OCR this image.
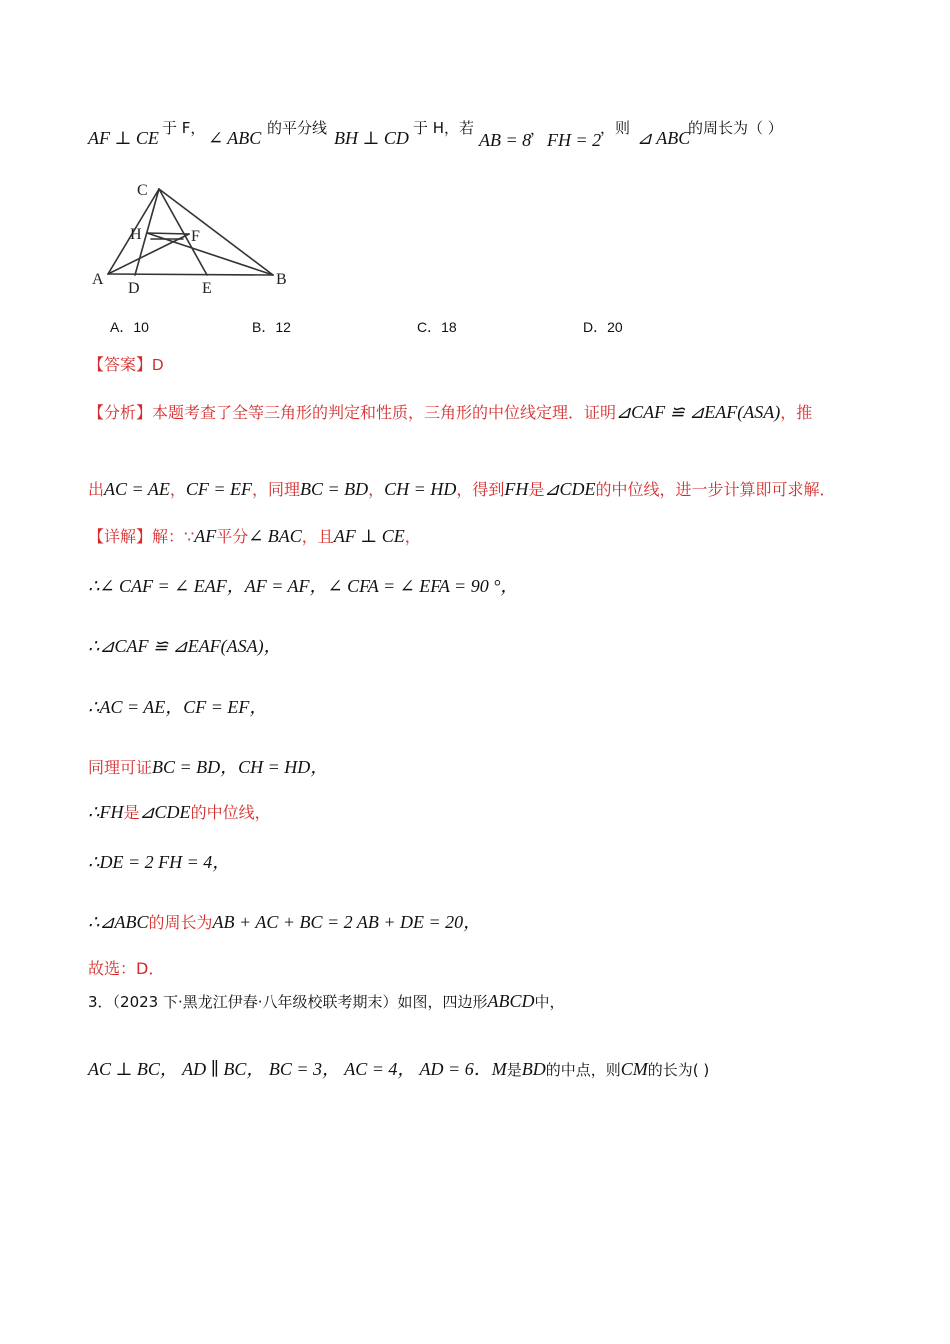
AF ⊥ CE 于 F， ∠ ABC 的平分线 BH ⊥ CD 于 H，若
AB = 8
，
FH = 2
，则 ⊿ ABC
的周长为（ ）
C
H	F
A
D	E
B
A．10	B．12	C．18	D．20
【答案】D
【分析】本题考查了全等三角形的判定和性质，三角形的中位线定理．证明⊿CAF ≌ ⊿EAF(ASA)，推
出AC = AE，CF = EF，同理BC = BD，CH = HD，得到FH是⊿CDE的中位线，进一步计算即可求解．
【详解】解：∵AF平分∠ BAC，且AF ⊥ CE，
∴∠ CAF = ∠ EAF，AF = AF，∠ CFA = ∠ EFA = 90 °，
∴⊿CAF ≌ ⊿EAF(ASA)，
∴AC = AE，CF = EF，
同理可证BC = BD，CH = HD，
∴FH是⊿CDE的中位线，
∴DE = 2 FH = 4，
∴⊿ABC的周长为AB + AC + BC = 2 AB + DE = 20，
故选：D．
3．（2023 下·黑龙江伊春·八年级校联考期末）如图，四边形ABCD中，
AC ⊥ BC， AD ∥ BC， BC = 3， AC = 4， AD = 6．M是BD的中点，则CM的长为( )
